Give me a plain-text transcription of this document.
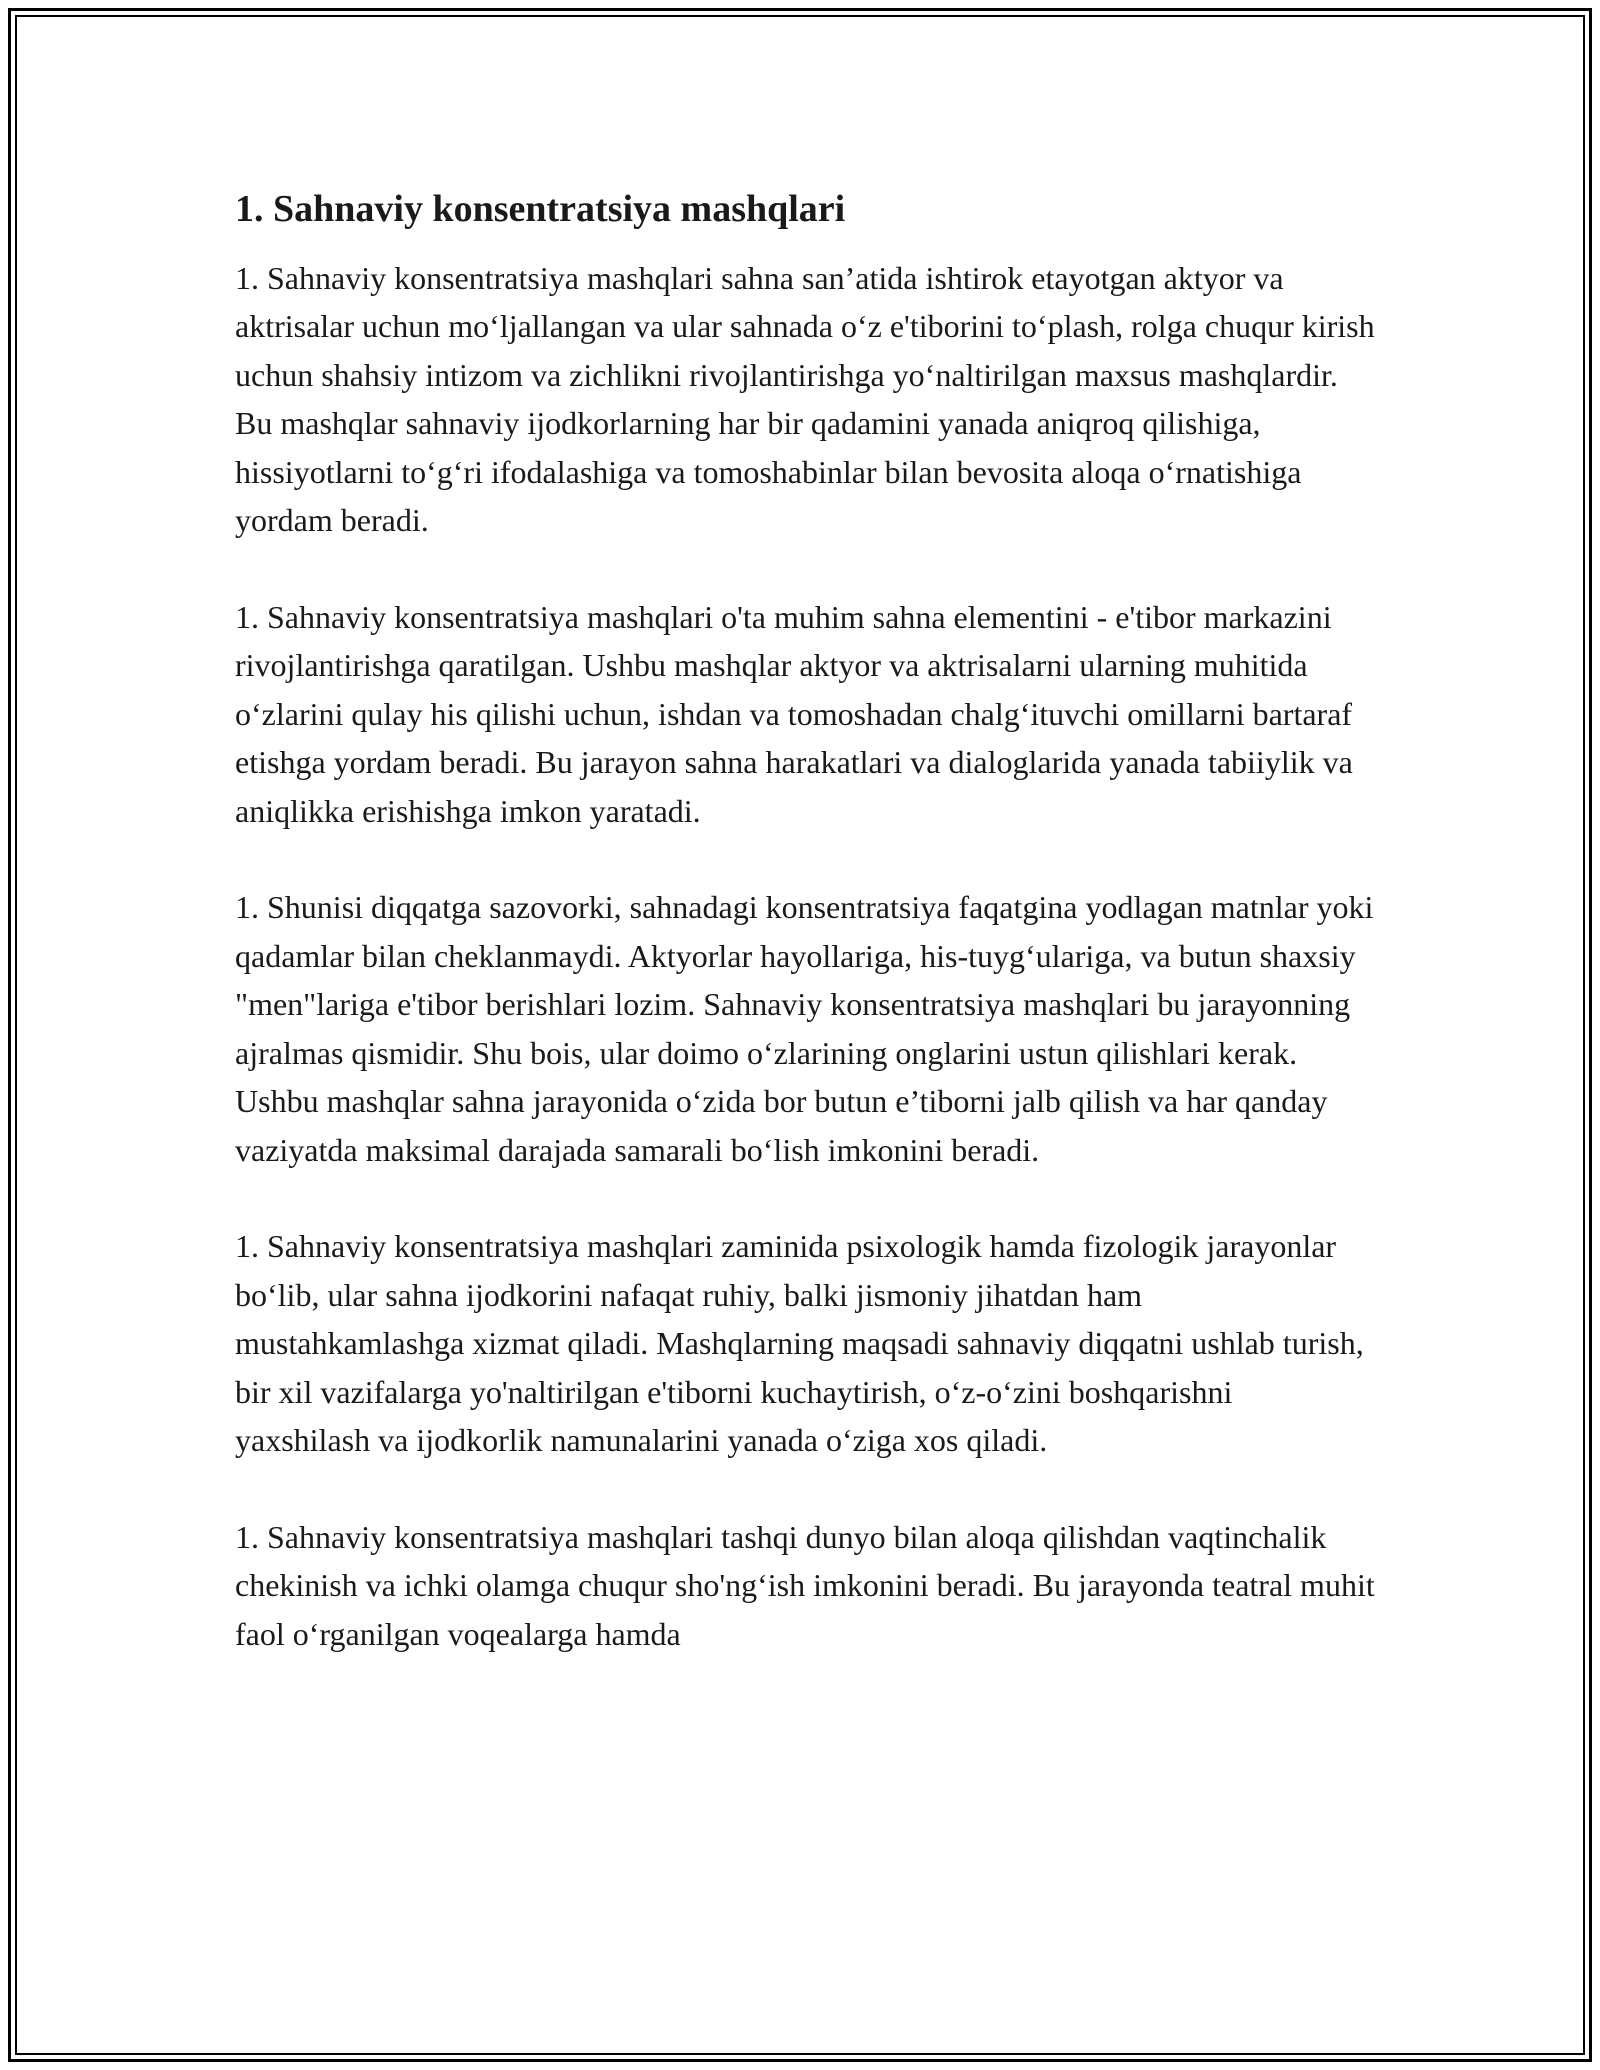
1. Sahnaviy konsentratsiya mashqlari

1. Sahnaviy konsentratsiya mashqlari sahna san’atida ishtirok etayotgan aktyor va aktrisalar uchun mo‘ljallangan va ular sahnada o‘z e'tiborini to‘plash, rolga chuqur kirish uchun shahsiy intizom va zichlikni rivojlantirishga yo‘naltirilgan maxsus mashqlardir. Bu mashqlar sahnaviy ijodkorlarning har bir qadamini yanada aniqroq qilishiga, hissiyotlarni to‘g‘ri ifodalashiga va tomoshabinlar bilan bevosita aloqa o‘rnatishiga yordam beradi.

1. Sahnaviy konsentratsiya mashqlari o'ta muhim sahna elementini - e'tibor markazini rivojlantirishga qaratilgan. Ushbu mashqlar aktyor va aktrisalarni ularning muhitida o‘zlarini qulay his qilishi uchun, ishdan va tomoshadan chalg‘ituvchi omillarni bartaraf etishga yordam beradi. Bu jarayon sahna harakatlari va dialoglarida yanada tabiiylik va aniqlikka erishishga imkon yaratadi.

1. Shunisi diqqatga sazovorki, sahnadagi konsentratsiya faqatgina yodlagan matnlar yoki qadamlar bilan cheklanmaydi. Aktyorlar hayollariga, his-tuyg‘ulariga, va butun shaxsiy "men"lariga e'tibor berishlari lozim. Sahnaviy konsentratsiya mashqlari bu jarayonning ajralmas qismidir. Shu bois, ular doimo o‘zlarining onglarini ustun qilishlari kerak. Ushbu mashqlar sahna jarayonida o‘zida bor butun e’tiborni jalb qilish va har qanday vaziyatda maksimal darajada samarali bo‘lish imkonini beradi.

1. Sahnaviy konsentratsiya mashqlari zaminida psixologik hamda fizologik jarayonlar bo‘lib, ular sahna ijodkorini nafaqat ruhiy, balki jismoniy jihatdan ham mustahkamlashga xizmat qiladi. Mashqlarning maqsadi sahnaviy diqqatni ushlab turish, bir xil vazifalarga yo'naltirilgan e'tiborni kuchaytirish, o‘z-o‘zini boshqarishni yaxshilash va ijodkorlik namunalarini yanada o‘ziga xos qiladi.

1. Sahnaviy konsentratsiya mashqlari tashqi dunyo bilan aloqa qilishdan vaqtinchalik chekinish va ichki olamga chuqur sho'ng‘ish imkonini beradi. Bu jarayonda teatral muhit faol o‘rganilgan voqealarga hamda
